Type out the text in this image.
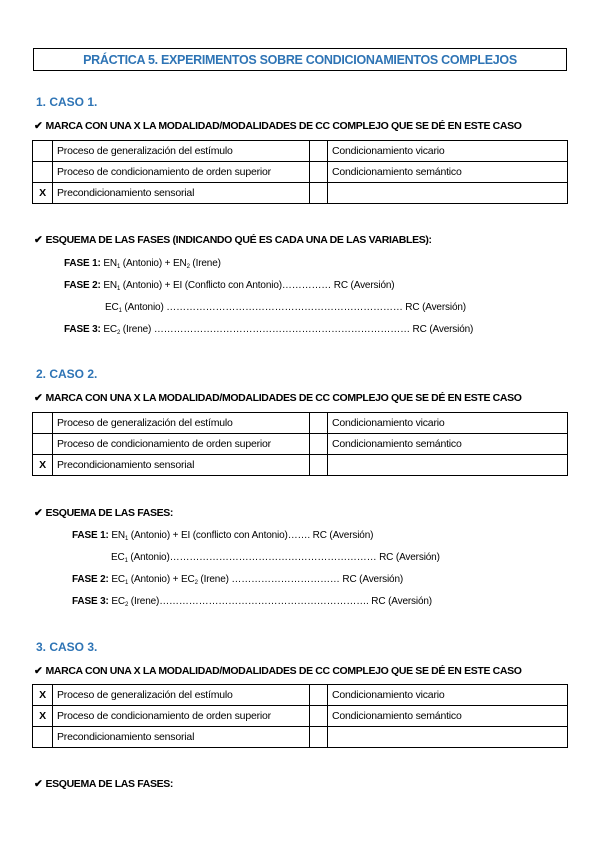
PRÁCTICA 5. EXPERIMENTOS SOBRE CONDICIONAMIENTOS COMPLEJOS
1. CASO 1.
✔ MARCA CON UNA X LA MODALIDAD/MODALIDADES DE CC COMPLEJO QUE SE DÉ EN ESTE CASO
	Proceso de generalización del estímulo		Condicionamiento vicario
	Proceso de condicionamiento de orden superior		Condicionamiento semántico
X	Precondicionamiento sensorial		
✔ ESQUEMA DE LAS FASES (INDICANDO QUÉ ES CADA UNA DE LAS VARIABLES):
FASE 1: $EN_1$ (Antonio) + $EN_2$ (Irene)
FASE 2: $EN_1$ (Antonio) + EI (Conflicto con Antonio)…………… RC (Aversión)
$EC_1$ (Antonio) ……………………………………………………………… RC (Aversión)
FASE 3: $EC_2$ (Irene) …………………………………………………………………… RC (Aversión)
2. CASO 2.
✔ MARCA CON UNA X LA MODALIDAD/MODALIDADES DE CC COMPLEJO QUE SE DÉ EN ESTE CASO
	Proceso de generalización del estímulo		Condicionamiento vicario
	Proceso de condicionamiento de orden superior		Condicionamiento semántico
X	Precondicionamiento sensorial		
✔ ESQUEMA DE LAS FASES:
FASE 1: $EN_1$ (Antonio) + EI (conflicto con Antonio)……. RC (Aversión)
$EC_1$ (Antonio)……………………………………………………… RC (Aversión)
FASE 2: $EC_1$ (Antonio) + $EC_2$ (Irene) …………………………… RC (Aversión)
FASE 3: $EC_2$ (Irene)………………………………………………………. RC (Aversión)
3. CASO 3.
✔ MARCA CON UNA X LA MODALIDAD/MODALIDADES DE CC COMPLEJO QUE SE DÉ EN ESTE CASO
X	Proceso de generalización del estímulo		Condicionamiento vicario
X	Proceso de condicionamiento de orden superior		Condicionamiento semántico
	Precondicionamiento sensorial		
✔ ESQUEMA DE LAS FASES:
